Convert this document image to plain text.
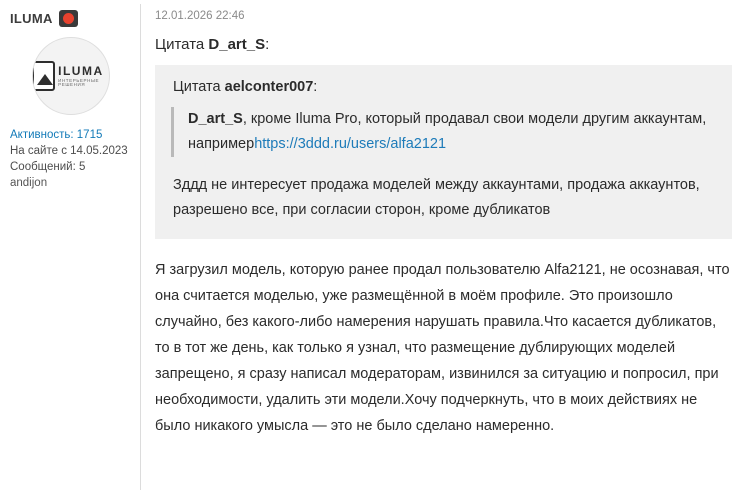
ILUMA
ILUMA
ИНТЕРЬЕРНЫЕ РЕШЕНИЯ
Активность: 1715
На сайте с 14.05.2023
Сообщений: 5
andijon
12.01.2026 22:46
Цитата D_art_S:
Цитата aelconter007:

D_art_S, кроме Iluma Pro, который продавал свои модели другим аккаунтам, напримерhttps://3ddd.ru/users/alfa2121

Зддд не интересует продажа моделей между аккаунтами, продажа аккаунтов, разрешено все, при согласии сторон, кроме дубликатов

Я загрузил модель, которую ранее продал пользователю Alfa2121, не осознавая, что она считается моделью, уже размещённой в моём профиле. Это произошло случайно, без какого-либо намерения нарушать правила.Что касается дубликатов, то в тот же день, как только я узнал, что размещение дублирующих моделей запрещено, я сразу написал модераторам, извинился за ситуацию и попросил, при необходимости, удалить эти модели.Хочу подчеркнуть, что в моих действиях не было никакого умысла — это не было сделано намеренно.
